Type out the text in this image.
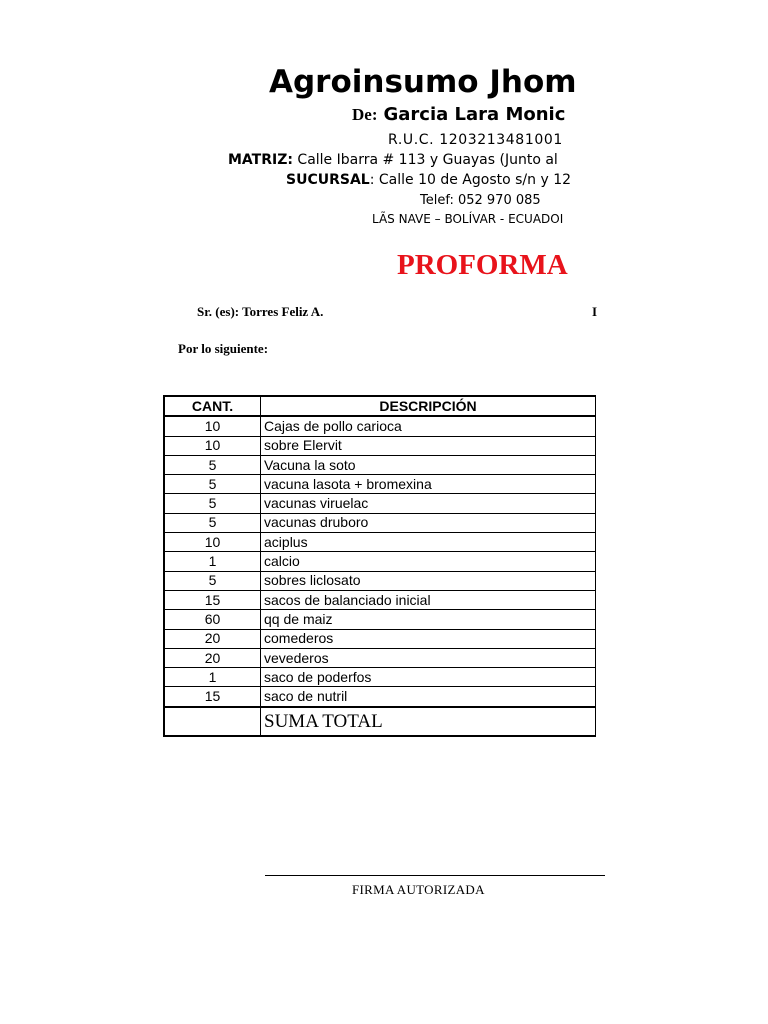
Agroinsumo Jhom
De: Garcia Lara Monic
R.U.C. 1203213481001
MATRIZ: Calle Ibarra # 113 y Guayas (Junto al
SUCURSAL: Calle 10 de Agosto s/n y 12
Telef: 052 970 085
LÃS NAVE – BOLÍVAR - ECUADOI
PROFORMA
Sr. (es): Torres Feliz A.	I
Por lo siguiente:
CANT.	DESCRIPCIÓN
10	Cajas de pollo carioca
10	sobre Elervit
5	Vacuna la soto
5	vacuna lasota + bromexina
5	vacunas viruelac
5	vacunas druboro
10	aciplus
1	calcio
5	sobres liclosato
15	sacos de balanciado inicial
60	qq de maiz
20	comederos
20	vevederos
1	saco de poderfos
15	saco de nutril
	SUMA TOTAL
FIRMA AUTORIZADA
